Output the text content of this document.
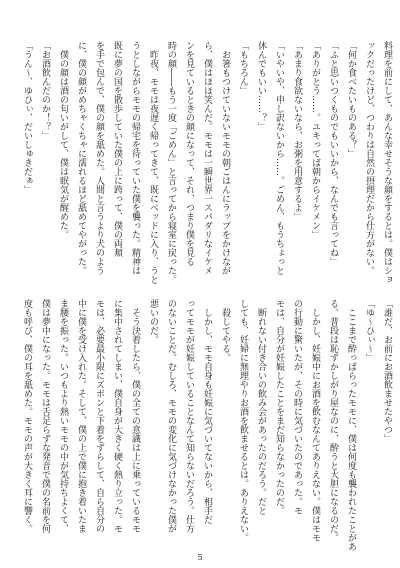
料理を前にして、あんな幸せそうな顔をするとは。僕はショ
ックだったけど、つわりは自然の摂理だから仕方がない。
「何か食べたいものある？」
「ふと思いつくものでもいいから、なんでも言ってね」
「ありがとう……。ユキってば朝からイケメン」
「あまり食欲ないなら、お粥を用意するよ」
「いやいや、申し訳ないから……。ごめん、もうちょっと
休んでもいい……？」
「もちろん」
　お箸もつけていないモモの朝ごはんにラップをかけなが
ら、僕はほほ笑んだ。モモは一瞬世界一スパダリなイケメ
ンを見ているときの顔になって、それ、つまり僕を見る
時の顔――もう一度「ごめん」と言ってから寝室に戻った。
　昨夜、モモは夜遅く帰ってきて、既にベッドに入り、うと
うとしながらモモの帰宅を待っていた僕を襲った。精神は
既に夢の国を散歩していた僕の上に跨って、僕の両頬
を手で包んで、僕の顔を舐めた。人間と言うより犬のよう
に、僕の顔がめちゃくちゃに濡れるほど舐めてやがった。
　僕の顔は酒の匂いがして、僕は眠気が醒めた。
「お酒飲んだのか！？」
「うん〜、ゆひぃ、だいしゅきだぁ」
「誰だ、お前にお酒飲ませたやつ」
「ゆ〜ひぃ〜」
　ここまで酔っぱらったモモに、僕は何度も襲われたことがあ
る。普段は恥ずかしがり屋なのに、酔うと大胆になるのだ。
　しかし、妊娠中にお酒を飲むなんてありえない。僕はモモ
の行動に驚いたが、その時に気づいたのであった。モ
モは、自分が妊娠したことをまだ知らなかったのだ。
　断れない付き合いの飲み会があったのだろう。だと
しても、妊婦に無理やりお酒を飲ませるとは。ありえない。
　殺してやる。
　しかし、モモ自身も妊娠に気づいてないから、相手だ
ってモモが妊娠していることなんて知らないだろう。仕方
のないことだ。むしろ、モモの変化に気づけなかった僕が
悪いのだ。
　そう決着したら、僕の全ての意識は上に乗っているモモ
に集中されてしまい、僕自身が大きく硬く熱り立った。モ
モは、必要最小限にズボンと下着をずらして、自ら自分の
中に僕を受け入れた。そして、僕の上で僕に抱き着いたま
ま腰を振った。いつもより熱いモモの中が気持ちよくて、
僕は夢中になった。モモは舌足らずな発音で僕の名前を何
度も呼び、僕の耳を舐めた。モモの声が大きく耳に響く。
5
